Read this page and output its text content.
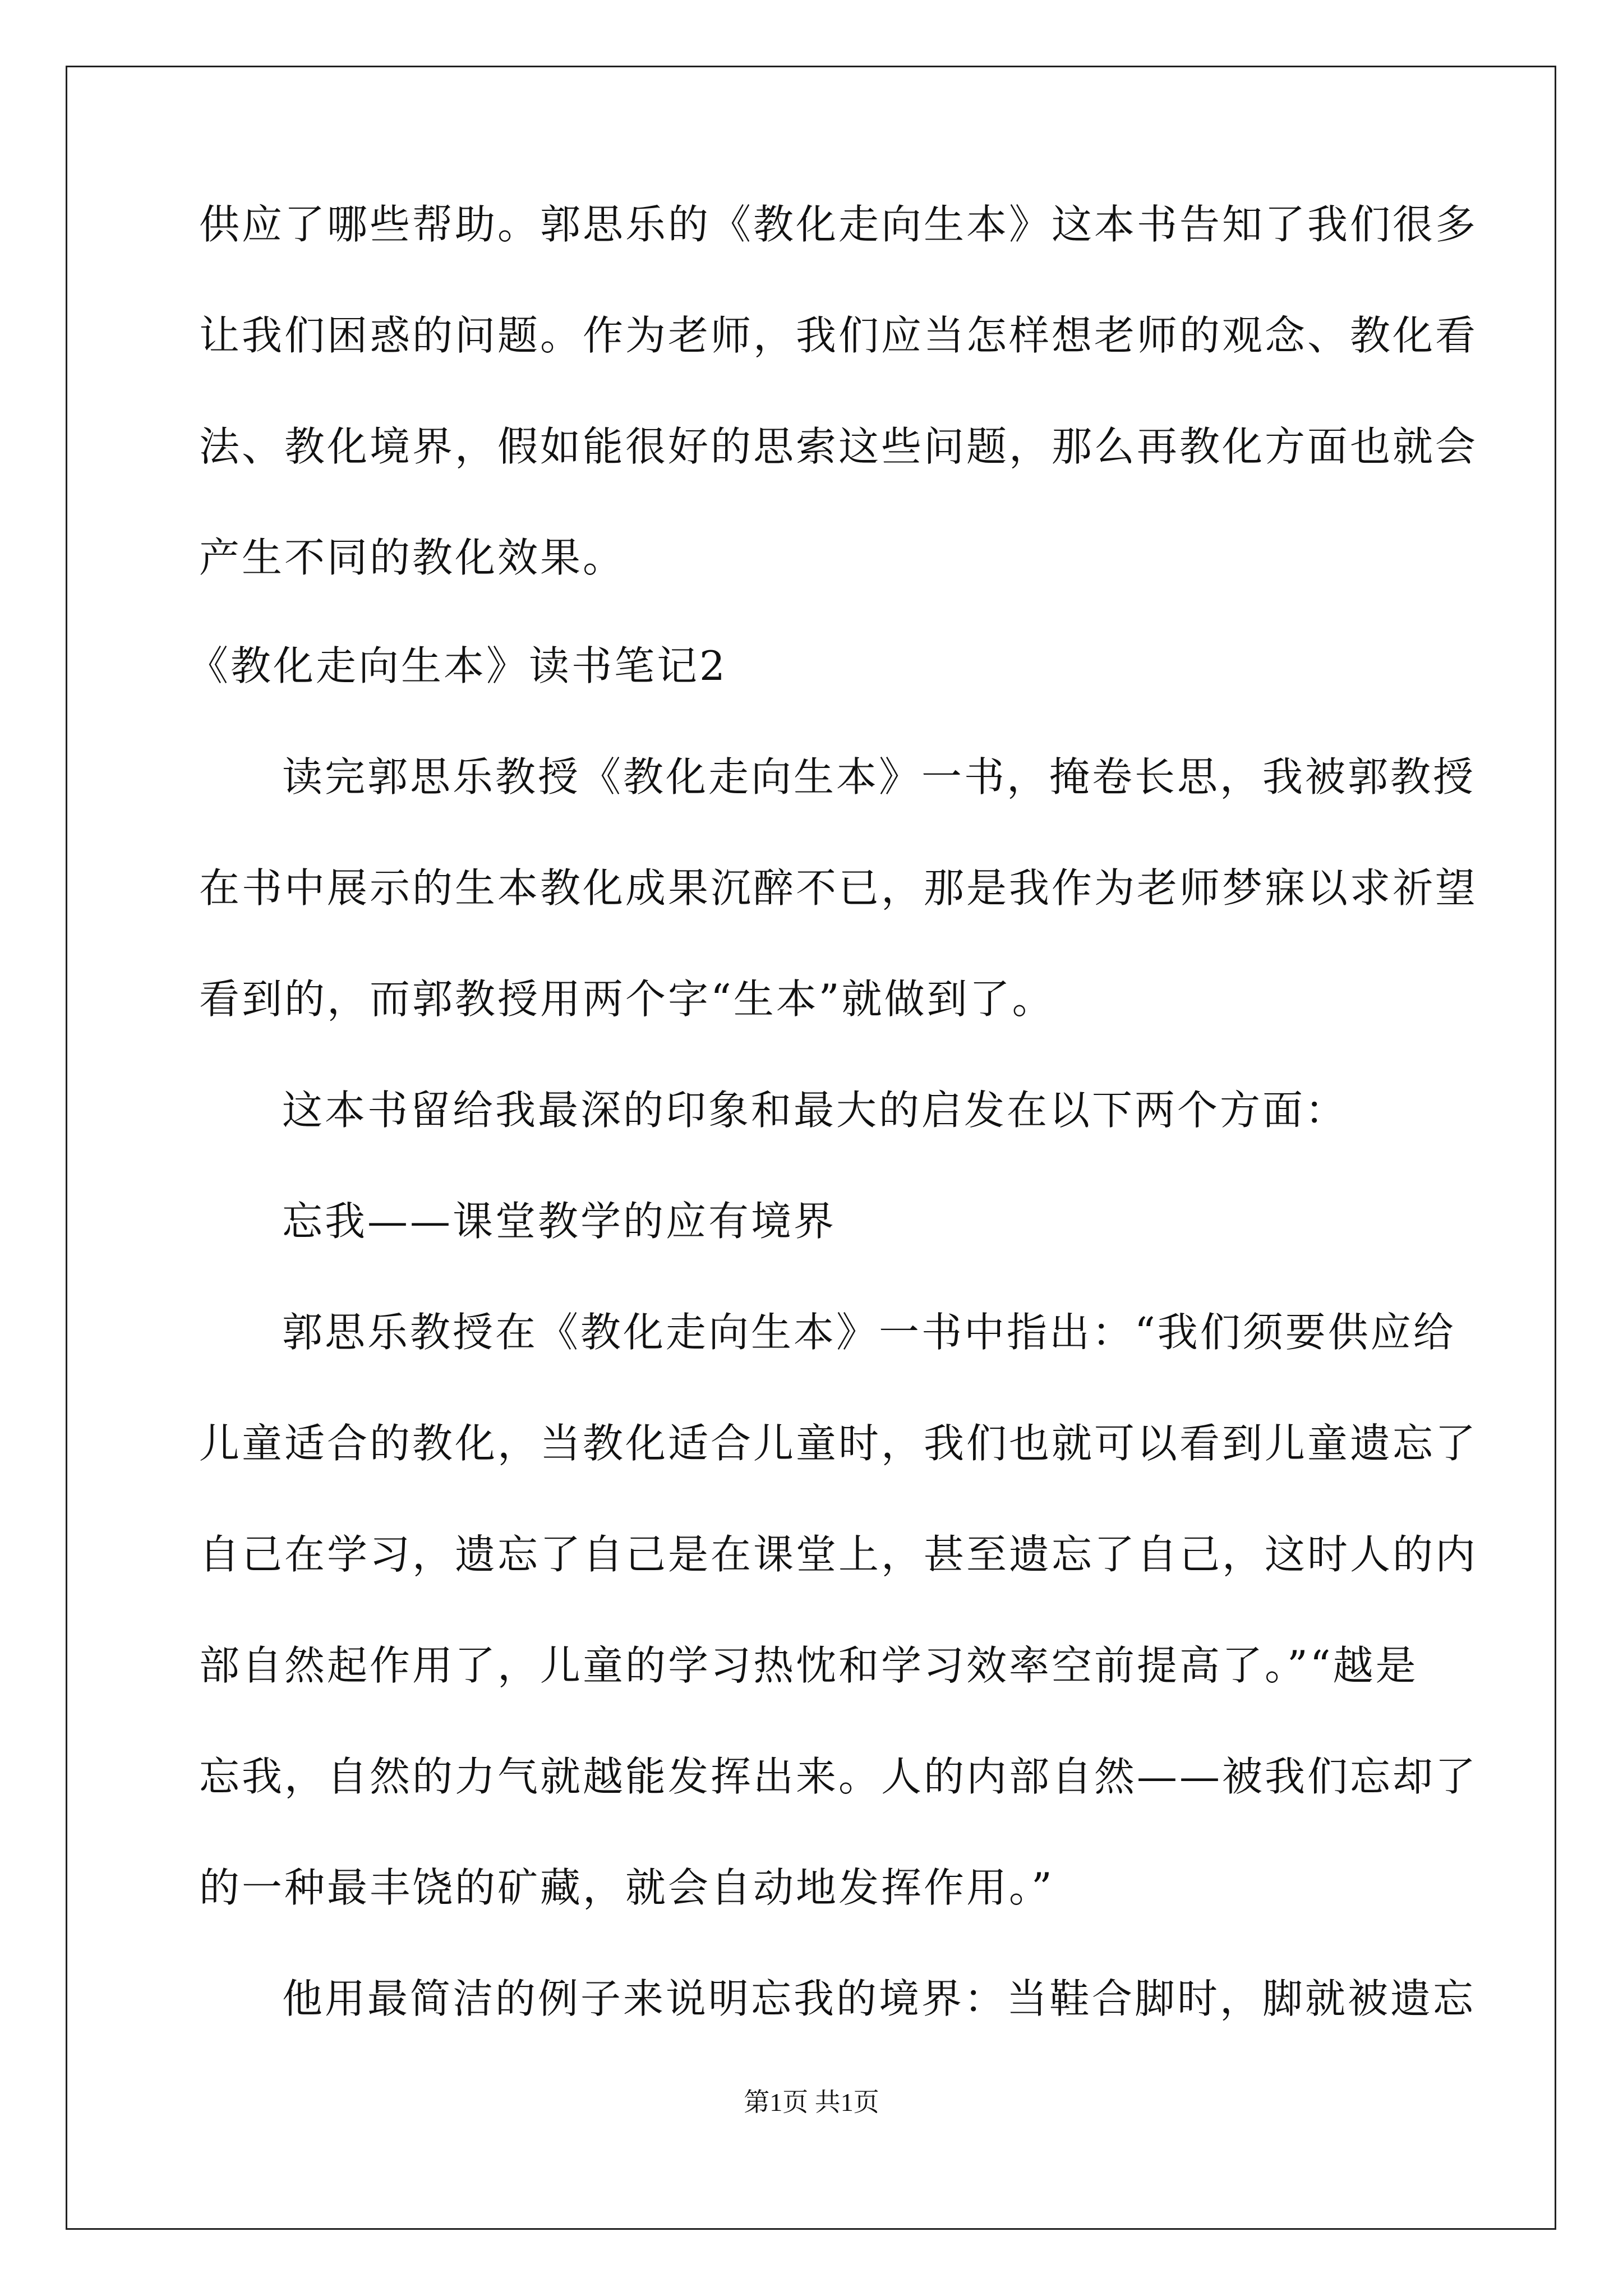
供应了哪些帮助。郭思乐的《教化走向生本》这本书告知了我们很多
让我们困惑的问题。作为老师，我们应当怎样想老师的观念、教化看
法、教化境界，假如能很好的思索这些问题，那么再教化方面也就会
产生不同的教化效果。
《教化走向生本》读书笔记2
读完郭思乐教授《教化走向生本》一书，掩卷长思，我被郭教授
在书中展示的生本教化成果沉醉不已，那是我作为老师梦寐以求祈望
看到的，而郭教授用两个字“生本”就做到了。
这本书留给我最深的印象和最大的启发在以下两个方面：
忘我——课堂教学的应有境界
郭思乐教授在《教化走向生本》一书中指出：“我们须要供应给
儿童适合的教化，当教化适合儿童时，我们也就可以看到儿童遗忘了
自己在学习，遗忘了自己是在课堂上，甚至遗忘了自己，这时人的内
部自然起作用了，儿童的学习热忱和学习效率空前提高了。”“越是
忘我，自然的力气就越能发挥出来。人的内部自然——被我们忘却了
的一种最丰饶的矿藏，就会自动地发挥作用。”
他用最简洁的例子来说明忘我的境界：当鞋合脚时，脚就被遗忘
第1页 共1页
